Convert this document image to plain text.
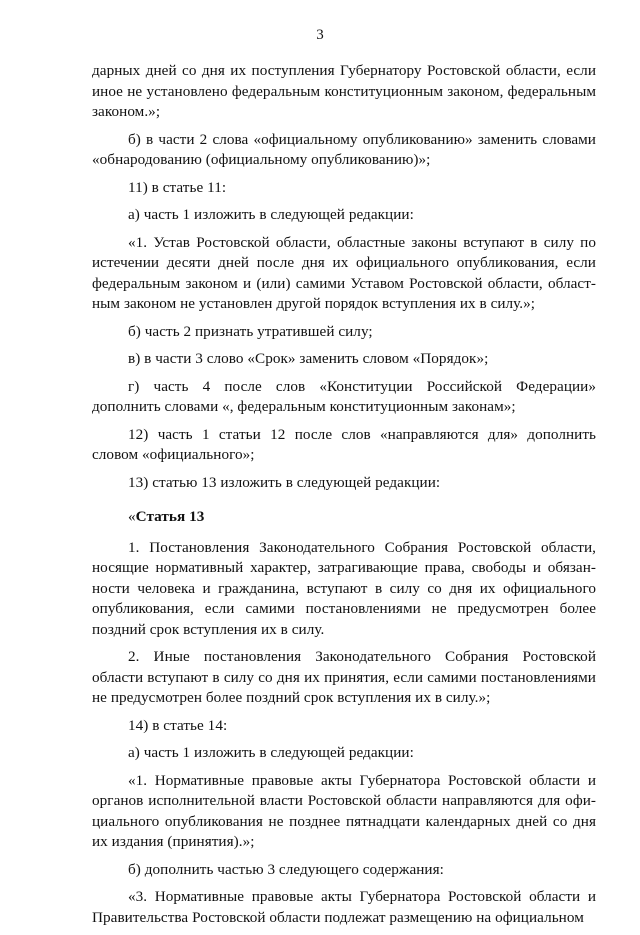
3

дарных дней со дня их поступления Губернатору Ростовской области, если иное не установлено федеральным конституционным законом, федеральным законом.»;

б) в части 2 слова «официальному опубликованию» заменить словами «обнародованию (официальному опубликованию)»;

11) в статье 11:

а) часть 1 изложить в следующей редакции:

«1. Устав Ростовской области, областные законы вступают в силу по истечении десяти дней после дня их официального опубликования, если федеральным законом и (или) самими Уставом Ростовской области, област-ным законом не установлен другой порядок вступления их в силу.»;

б) часть 2 признать утратившей силу;

в) в части 3 слово «Срок» заменить словом «Порядок»;

г) часть 4 после слов «Конституции Российской Федерации» дополнить словами «, федеральным конституционным законам»;

12) часть 1 статьи 12 после слов «направляются для» дополнить словом «официального»;

13) статью 13 изложить в следующей редакции:

«Статья 13

1. Постановления Законодательного Собрания Ростовской области, носящие нормативный характер, затрагивающие права, свободы и обязан-ности человека и гражданина, вступают в силу со дня их официального опубликования, если самими постановлениями не предусмотрен более поздний срок вступления их в силу.

2. Иные постановления Законодательного Собрания Ростовской области вступают в силу со дня их принятия, если самими постановлениями не предусмотрен более поздний срок вступления их в силу.»;

14) в статье 14:

а) часть 1 изложить в следующей редакции:

«1. Нормативные правовые акты Губернатора Ростовской области и органов исполнительной власти Ростовской области направляются для офи-циального опубликования не позднее пятнадцати календарных дней со дня их издания (принятия).»;

б) дополнить частью 3 следующего содержания:

«3. Нормативные правовые акты Губернатора Ростовской области и Правительства Ростовской области подлежат размещению на официальном
